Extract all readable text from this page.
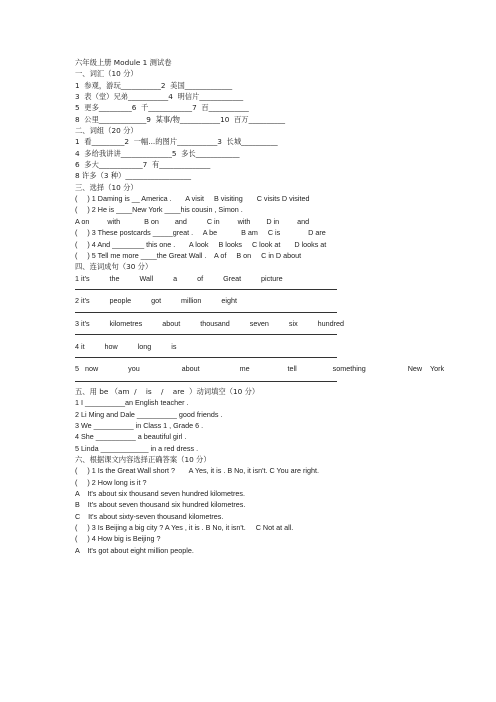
六年级上册 Module 1 测试卷
一、词汇（10 分）
1  参观，游玩___________2  美国_____________
3  表（堂）兄弟___________4  明信片____________
5  更多_________6  千____________7  百___________
8  公里_____________9  某事/物___________10  百万__________
二、词组（20 分）
1  看_________2  一幅...的图片___________3  长城__________
4  多给我讲讲______________5  多长____________
6  多大____________7  有______________
8 许多（3 种）__________________
三、选择（10 分）
(     ) 1 Daming is __ America .       A visit     B visiting       C visits D visited
(     ) 2 He is ____New York ____his cousin , Simon .
A on         with            B on        and          C in         with        D in         and
(     ) 3 These postcards _____great .     A be            B am     C is              D are
(     ) 4 And ________ this one .       A look     B looks     C look at       D looks at
(     ) 5 Tell me more ____the Great Wall .    A of     B on     C in D about
四、连词成句（30 分）
1 it's          the          Wall          a          of          Great          picture
2 it's          people          got          million          eight
3 it's          kilometres          about          thousand          seven          six          hundred
4 it          how          long          is
5   now               you                     about                    me                   tell                  something                     New    York
五、用 be （am  /    is    /    are  ）动词填空（10 分）
1 I __________an English teacher .
2 Li Ming and Dale __________ good friends .
3 We __________ in Class 1 , Grade 6 .
4 She __________ a beautiful girl .
5 Linda ____________ in a red dress .
六、根据课文内容选择正确答案（10 分）
(     ) 1 Is the Great Wall short ?       A Yes, it is . B No, it isn't. C You are right.
(     ) 2 How long is it ?
A    It's about six thousand seven hundred kilometres.
B    It's about seven thousand six hundred kilometres.
C    It's about sixty-seven thousand kilometres.
(     ) 3 Is Beijing a big city ? A Yes , it is . B No, it isn't.     C Not at all.
(     ) 4 How big is Beijing ?
A    It's got about eight million people.
